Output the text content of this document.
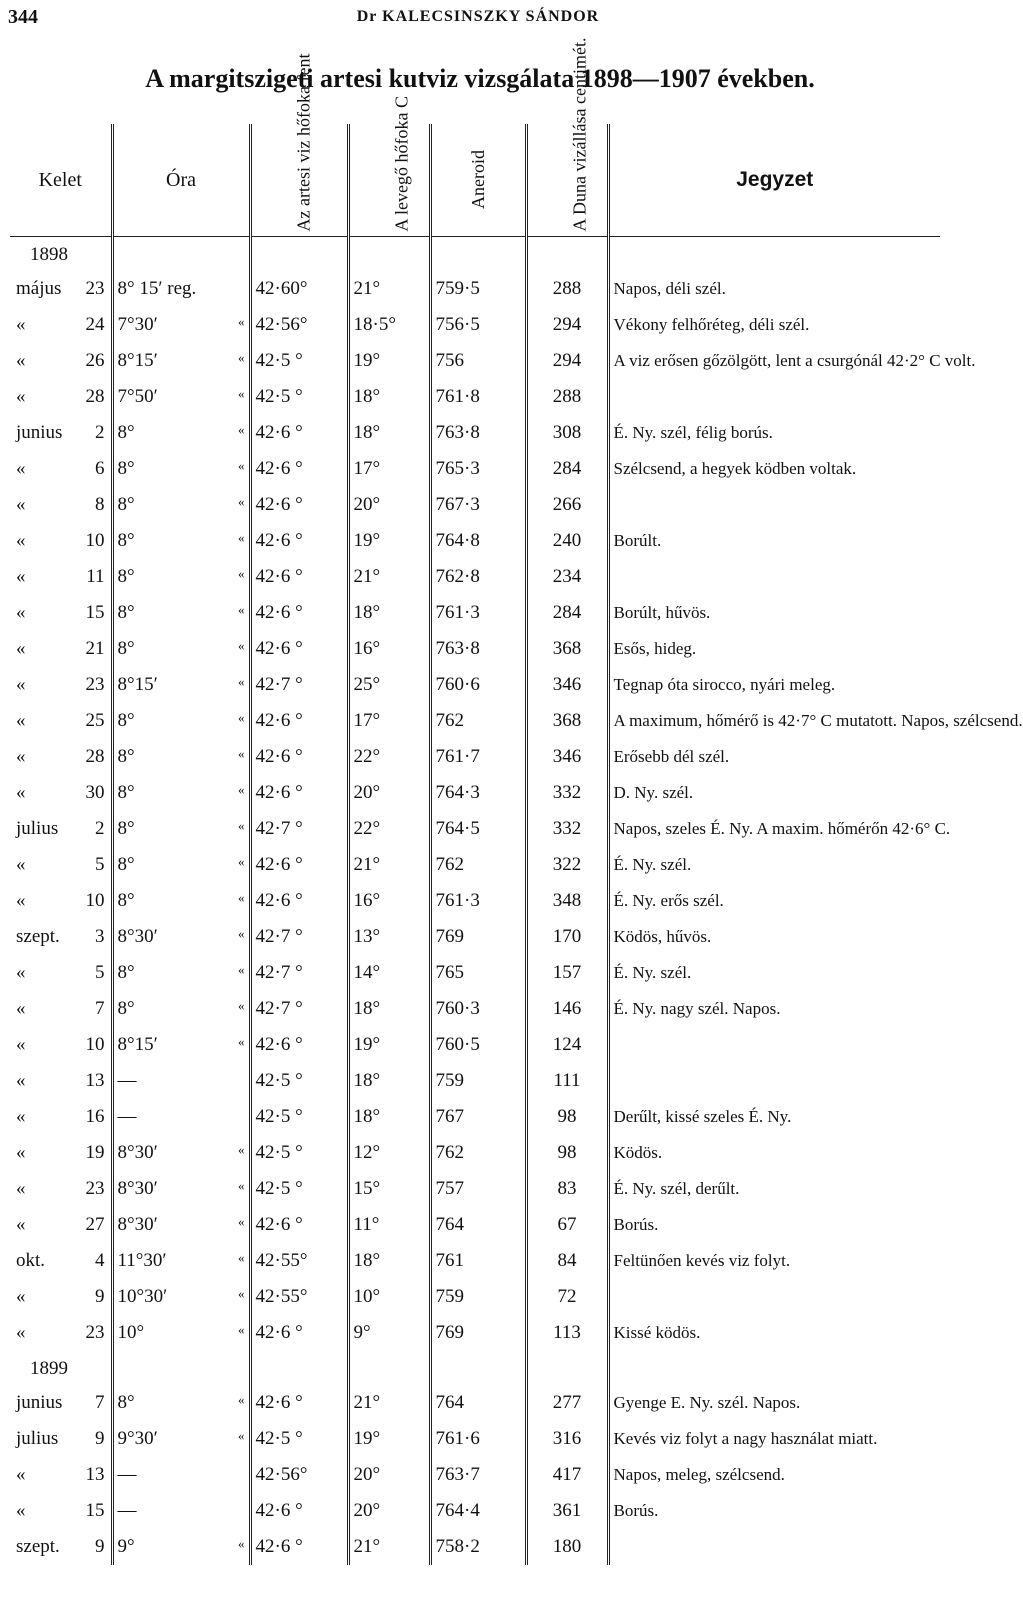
344	Dr KALECSINSZKY SÁNDOR
A margitszigeti artesi kutviz vizsgálata 1898—1907 években.
Kelet	Óra	Az artesi viz hőfoka fent	A levegő hőfoka C	Aneroid	A Duna vizállása centimét.	Jegyzet

1898						

május 23	8° 15′ reg.	42·60°	21°	759·5	288	Napos, déli szél.

« 24	7°30′ «	42·56°	18·5°	756·5	294	Vékony felhőréteg, déli szél.

« 26	8°15′ «	42·5 °	19°	756	294	A viz erősen gőzölgött, lent a csurgónál 42·2° C volt.

« 28	7°50′ «	42·5 °	18°	761·8	288	

junius 2	8° «	42·6 °	18°	763·8	308	É. Ny. szél, félig borús.

« 6	8° «	42·6 °	17°	765·3	284	Szélcsend, a hegyek ködben voltak.

« 8	8° «	42·6 °	20°	767·3	266	

« 10	8° «	42·6 °	19°	764·8	240	Borúlt.

« 11	8° «	42·6 °	21°	762·8	234	

« 15	8° «	42·6 °	18°	761·3	284	Borúlt, hűvös.

« 21	8° «	42·6 °	16°	763·8	368	Esős, hideg.

« 23	8°15′ «	42·7 °	25°	760·6	346	Tegnap óta sirocco, nyári meleg.

« 25	8° «	42·6 °	17°	762	368	A maximum, hőmérő is 42·7° C mutatott. Napos, szélcsend.

« 28	8° «	42·6 °	22°	761·7	346	Erősebb dél szél.

« 30	8° «	42·6 °	20°	764·3	332	D. Ny. szél.

julius 2	8° «	42·7 °	22°	764·5	332	Napos, szeles É. Ny. A maxim. hőmérőn 42·6° C.

« 5	8° «	42·6 °	21°	762	322	É. Ny. szél.

« 10	8° «	42·6 °	16°	761·3	348	É. Ny. erős szél.

szept. 3	8°30′ «	42·7 °	13°	769	170	Ködös, hűvös.

« 5	8° «	42·7 °	14°	765	157	É. Ny. szél.

« 7	8° «	42·7 °	18°	760·3	146	É. Ny. nagy szél. Napos.

« 10	8°15′ «	42·6 °	19°	760·5	124	

« 13	—	42·5 °	18°	759	111	

« 16	—	42·5 °	18°	767	98	Derűlt, kissé szeles É. Ny.

« 19	8°30′ «	42·5 °	12°	762	98	Ködös.

« 23	8°30′ «	42·5 °	15°	757	83	É. Ny. szél, derűlt.

« 27	8°30′ «	42·6 °	11°	764	67	Borús.

okt. 4	11°30′ «	42·55°	18°	761	84	Feltünően kevés viz folyt.

« 9	10°30′ «	42·55°	10°	759	72	

« 23	10° «	42·6 °	9°	769	113	Kissé ködös.

1899						

junius 7	8° «	42·6 °	21°	764	277	Gyenge E. Ny. szél. Napos.

julius 9	9°30′ «	42·5 °	19°	761·6	316	Kevés viz folyt a nagy használat miatt.

« 13	—	42·56°	20°	763·7	417	Napos, meleg, szélcsend.

« 15	—	42·6 °	20°	764·4	361	Borús.

szept. 9	9° «	42·6 °	21°	758·2	180	
